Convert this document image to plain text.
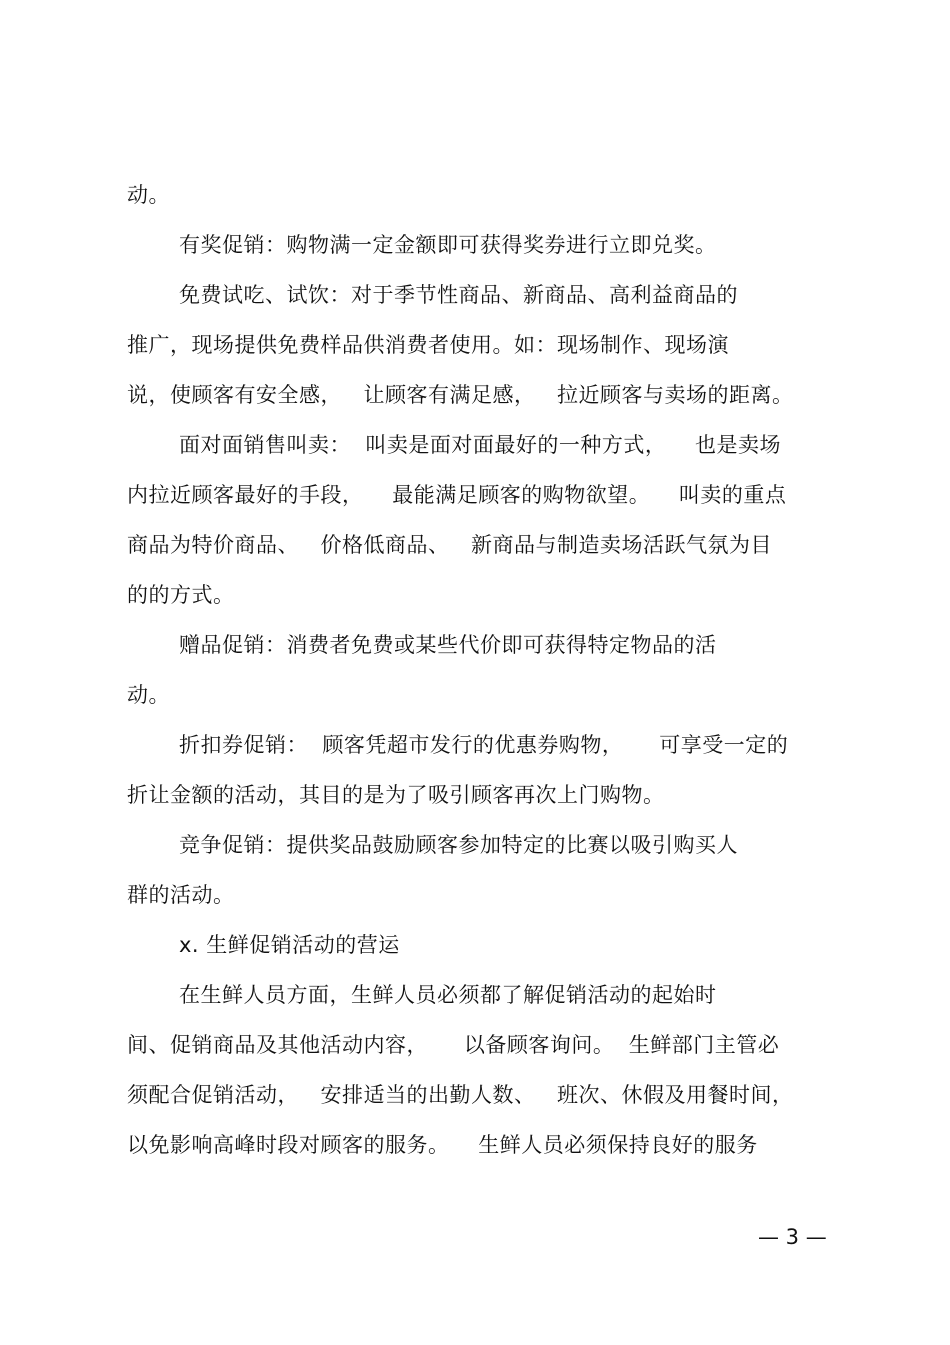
动。
有奖促销：购物满一定金额即可获得奖券进行立即兑奖。
免费试吃、试饮：对于季节性商品、新商品、高利益商品的
推广，现场提供免费样品供消费者使用。如：现场制作、现场演
说，使顾客有安全感，   让顾客有满足感，   拉近顾客与卖场的距离。
面对面销售叫卖：  叫卖是面对面最好的一种方式，    也是卖场
内拉近顾客最好的手段，    最能满足顾客的购物欲望。    叫卖的重点
商品为特价商品、   价格低商品、   新商品与制造卖场活跃气氛为目
的的方式。
赠品促销：消费者免费或某些代价即可获得特定物品的活
动。
折扣券促销：  顾客凭超市发行的优惠券购物，     可享受一定的
折让金额的活动，其目的是为了吸引顾客再次上门购物。
竞争促销：提供奖品鼓励顾客参加特定的比赛以吸引购买人
群的活动。
x. 生鲜促销活动的营运
在生鲜人员方面，生鲜人员必须都了解促销活动的起始时
间、促销商品及其他活动内容，     以备顾客询问。  生鲜部门主管必
须配合促销活动，   安排适当的出勤人数、   班次、休假及用餐时间，
以免影响高峰时段对顾客的服务。    生鲜人员必须保持良好的服务
— 3 —
